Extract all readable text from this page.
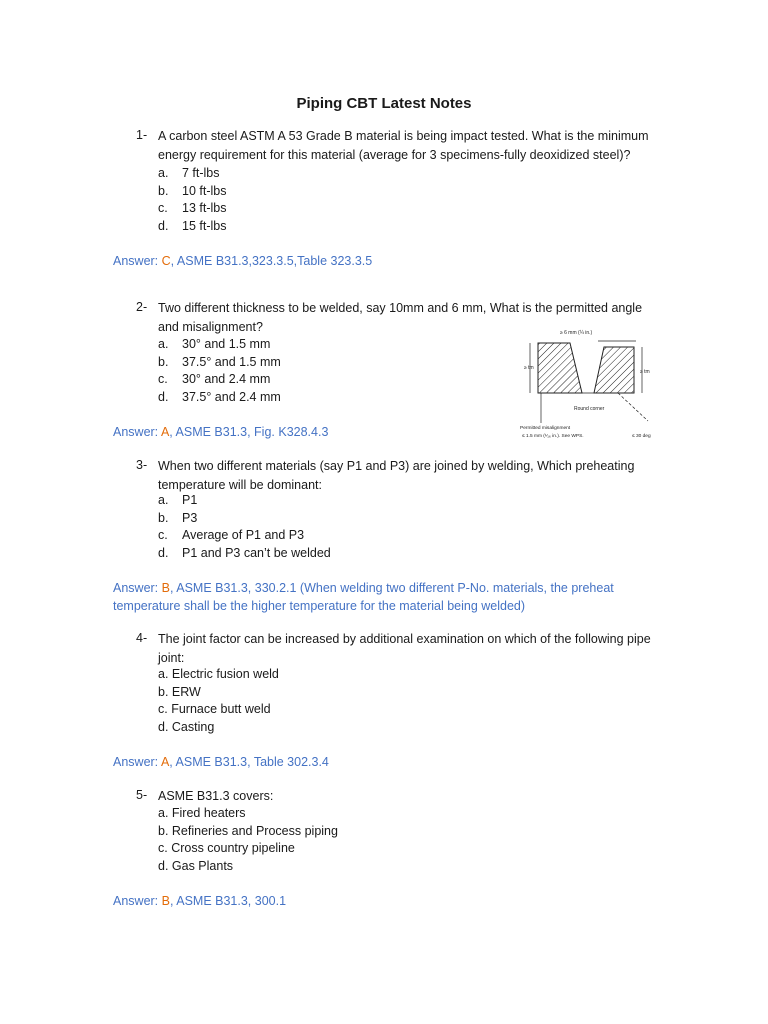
Piping CBT Latest Notes
1- A carbon steel ASTM A 53 Grade B material is being impact tested. What is the minimum energy requirement for this material (average for 3 specimens-fully deoxidized steel)?
a. 7 ft-lbs
b. 10 ft-lbs
c. 13 ft-lbs
d. 15 ft-lbs
Answer: C, ASME B31.3,323.3.5,Table 323.3.5
2- Two different thickness to be welded, say 10mm and 6 mm, What is the permitted angle and misalignment?
a. 30° and 1.5 mm
b. 37.5° and 1.5 mm
c. 30° and 2.4 mm
d. 37.5° and 2.4 mm
≥ 6 mm (¼ in.)
≥ tm
≥ tm
Round corner
Permitted misalignment
≤ 1.5 mm (¹⁄₁₆ in.). See WPS.	≤ 30 deg
Answer: A, ASME B31.3, Fig. K328.4.3
3- When two different materials (say P1 and P3) are joined by welding, Which preheating temperature will be dominant:
a. P1
b. P3
c. Average of P1 and P3
d. P1 and P3 can’t be welded
Answer: B, ASME B31.3, 330.2.1 (When welding two different P-No. materials, the preheat temperature shall be the higher temperature for the material being welded)
4- The joint factor can be increased by additional examination on which of the following pipe joint:
a. Electric fusion weld
b. ERW
c. Furnace butt weld
d. Casting
Answer: A, ASME B31.3, Table 302.3.4
5- ASME B31.3 covers:
a. Fired heaters
b. Refineries and Process piping
c. Cross country pipeline
d. Gas Plants
Answer: B, ASME B31.3, 300.1
